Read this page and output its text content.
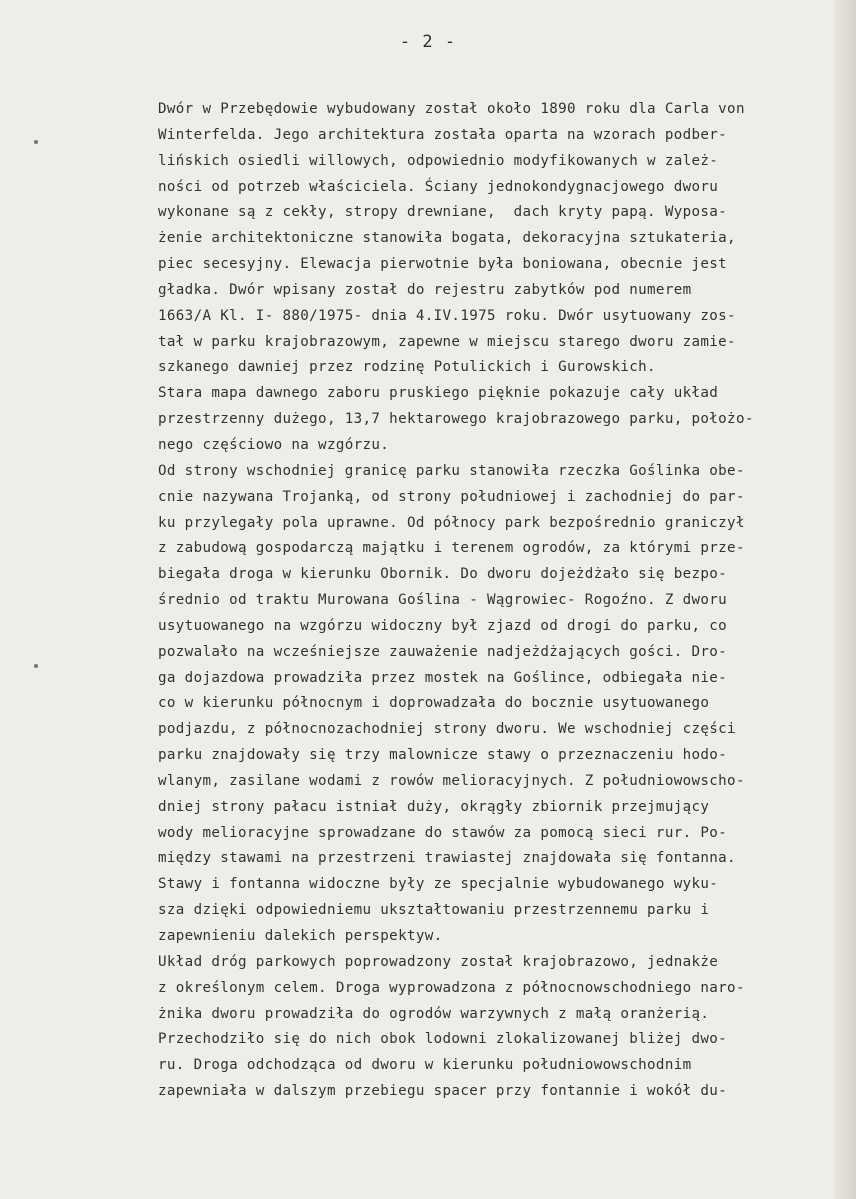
- 2 -
Dwór w Przebędowie wybudowany został około 1890 roku dla Carla von
Winterfelda. Jego architektura została oparta na wzorach podber-
lińskich osiedli willowych, odpowiednio modyfikowanych w zależ-
ności od potrzeb właściciela. Ściany jednokondygnacjowego dworu
wykonane są z cekły, stropy drewniane,  dach kryty papą. Wyposa-
żenie architektoniczne stanowiła bogata, dekoracyjna sztukateria,
piec secesyjny. Elewacja pierwotnie była boniowana, obecnie jest
gładka. Dwór wpisany został do rejestru zabytków pod numerem
1663/A Kl. I- 880/1975- dnia 4.IV.1975 roku. Dwór usytuowany zos-
tał w parku krajobrazowym, zapewne w miejscu starego dworu zamie-
szkanego dawniej przez rodzinę Potulickich i Gurowskich.
Stara mapa dawnego zaboru pruskiego pięknie pokazuje cały układ
przestrzenny dużego, 13,7 hektarowego krajobrazowego parku, położo-
nego częściowo na wzgórzu.
Od strony wschodniej granicę parku stanowiła rzeczka Goślinka obe-
cnie nazywana Trojanką, od strony południowej i zachodniej do par-
ku przylegały pola uprawne. Od północy park bezpośrednio graniczył
z zabudową gospodarczą majątku i terenem ogrodów, za którymi prze-
biegała droga w kierunku Obornik. Do dworu dojeżdżało się bezpo-
średnio od traktu Murowana Goślina - Wągrowiec- Rogoźno. Z dworu
usytuowanego na wzgórzu widoczny był zjazd od drogi do parku, co
pozwalało na wcześniejsze zauważenie nadjeżdżających gości. Dro-
ga dojazdowa prowadziła przez mostek na Goślince, odbiegała nie-
co w kierunku północnym i doprowadzała do bocznie usytuowanego
podjazdu, z północnozachodniej strony dworu. We wschodniej części
parku znajdowały się trzy malownicze stawy o przeznaczeniu hodo-
wlanym, zasilane wodami z rowów melioracyjnych. Z południowowscho-
dniej strony pałacu istniał duży, okrągły zbiornik przejmujący
wody melioracyjne sprowadzane do stawów za pomocą sieci rur. Po-
między stawami na przestrzeni trawiastej znajdowała się fontanna.
Stawy i fontanna widoczne były ze specjalnie wybudowanego wyku-
sza dzięki odpowiedniemu ukształtowaniu przestrzennemu parku i
zapewnieniu dalekich perspektyw.
Układ dróg parkowych poprowadzony został krajobrazowo, jednakże
z określonym celem. Droga wyprowadzona z północnowschodniego naro-
żnika dworu prowadziła do ogrodów warzywnych z małą oranżerią.
Przechodziło się do nich obok lodowni zlokalizowanej bliżej dwo-
ru. Droga odchodząca od dworu w kierunku południowowschodnim
zapewniała w dalszym przebiegu spacer przy fontannie i wokół du-
